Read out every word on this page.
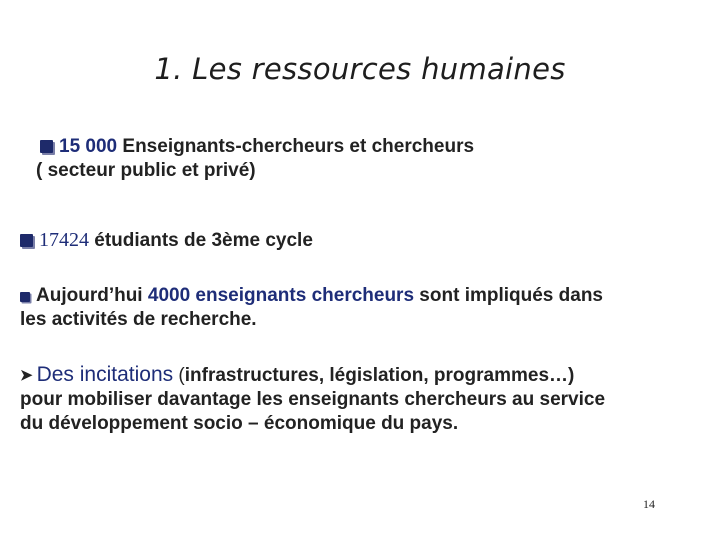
1. Les ressources humaines
15 000 Enseignants-chercheurs et chercheurs
( secteur public et privé)
17424 étudiants de 3ème cycle
Aujourd’hui 4000 enseignants chercheurs sont impliqués dans
les activités de recherche.
➤ Des incitations (infrastructures, législation, programmes…)
pour mobiliser davantage les enseignants chercheurs au service
du développement socio – économique du pays.
14
